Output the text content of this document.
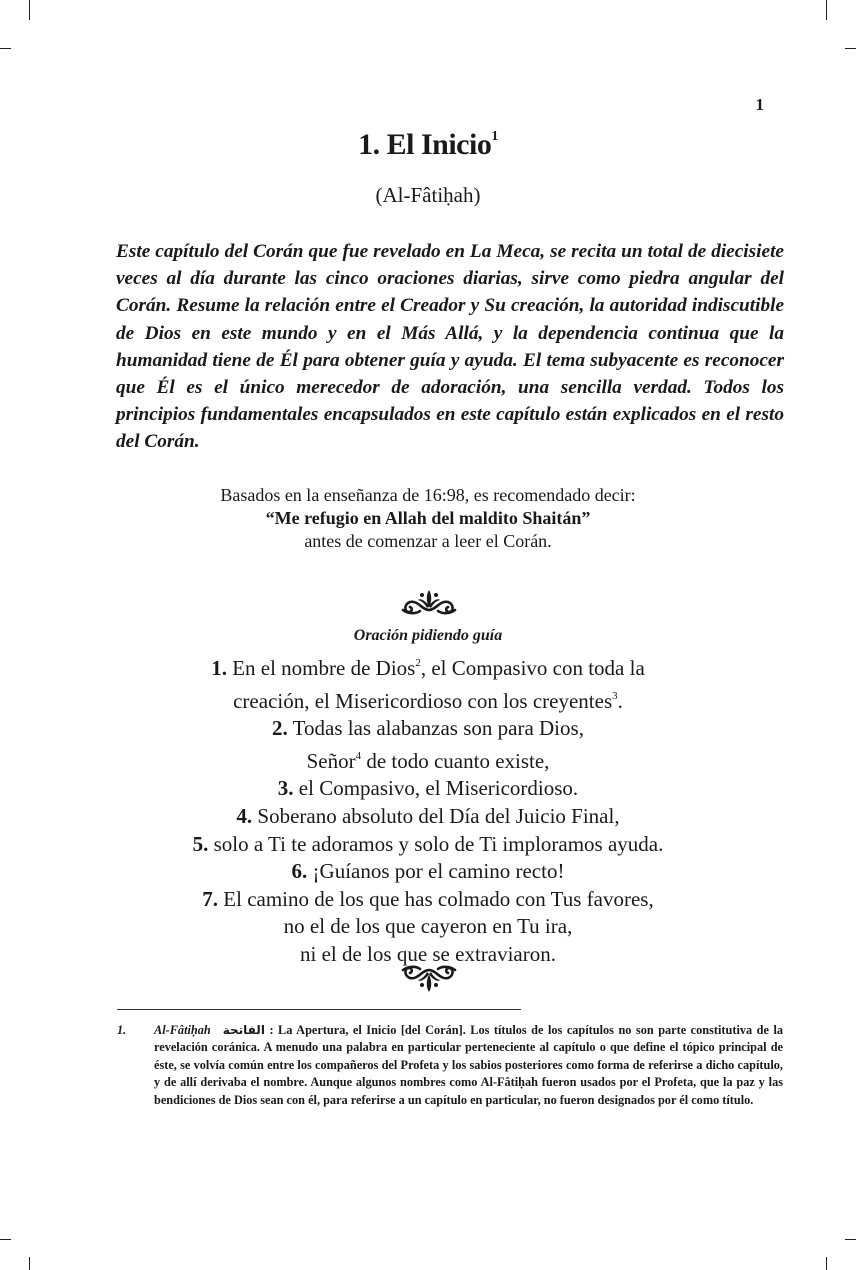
1
1. El Inicio$^1$
(Al-Fâtiḥah)

Este capítulo del Corán que fue revelado en La Meca, se recita un total de diecisiete veces al día durante las cinco oraciones diarias, sirve como piedra angular del Corán. Resume la relación entre el Creador y Su creación, la autoridad indiscutible de Dios en este mundo y en el Más Allá, y la dependencia continua que la humanidad tiene de Él para obtener guía y ayuda. El tema subyacente es reconocer que Él es el único merecedor de adoración, una sencilla verdad. Todos los principios fundamentales encapsulados en este capítulo están explicados en el resto del Corán.

Basados en la enseñanza de 16:98, es recomendado decir:
“Me refugio en Allah del maldito Shaitán”
antes de comenzar a leer el Corán.
Oración pidiendo guía
1. En el nombre de Dios$^2$, el Compasivo con toda la
creación, el Misericordioso con los creyentes$^3$.
2. Todas las alabanzas son para Dios,
Señor$^4$ de todo cuanto existe,
3. el Compasivo, el Misericordioso.
4. Soberano absoluto del Día del Juicio Final,
5. solo a Ti te adoramos y solo de Ti imploramos ayuda.
6. ¡Guíanos por el camino recto!
7. El camino de los que has colmado con Tus favores,
no el de los que cayeron en Tu ira,
ni el de los que se extraviaron.
1. Al-Fâtiḥah الفاتحة : La Apertura, el Inicio [del Corán]. Los títulos de los capítulos no son parte constitutiva de la revelación coránica. A menudo una palabra en particular perteneciente al capítulo o que define el tópico principal de éste, se volvía común entre los compañeros del Profeta y los sabios posteriores como forma de referirse a dicho capítulo, y de allí derivaba el nombre. Aunque algunos nombres como Al-Fâtiḥah fueron usados por el Profeta, que la paz y las bendiciones de Dios sean con él, para referirse a un capítulo en particular, no fueron designados por él como título.
